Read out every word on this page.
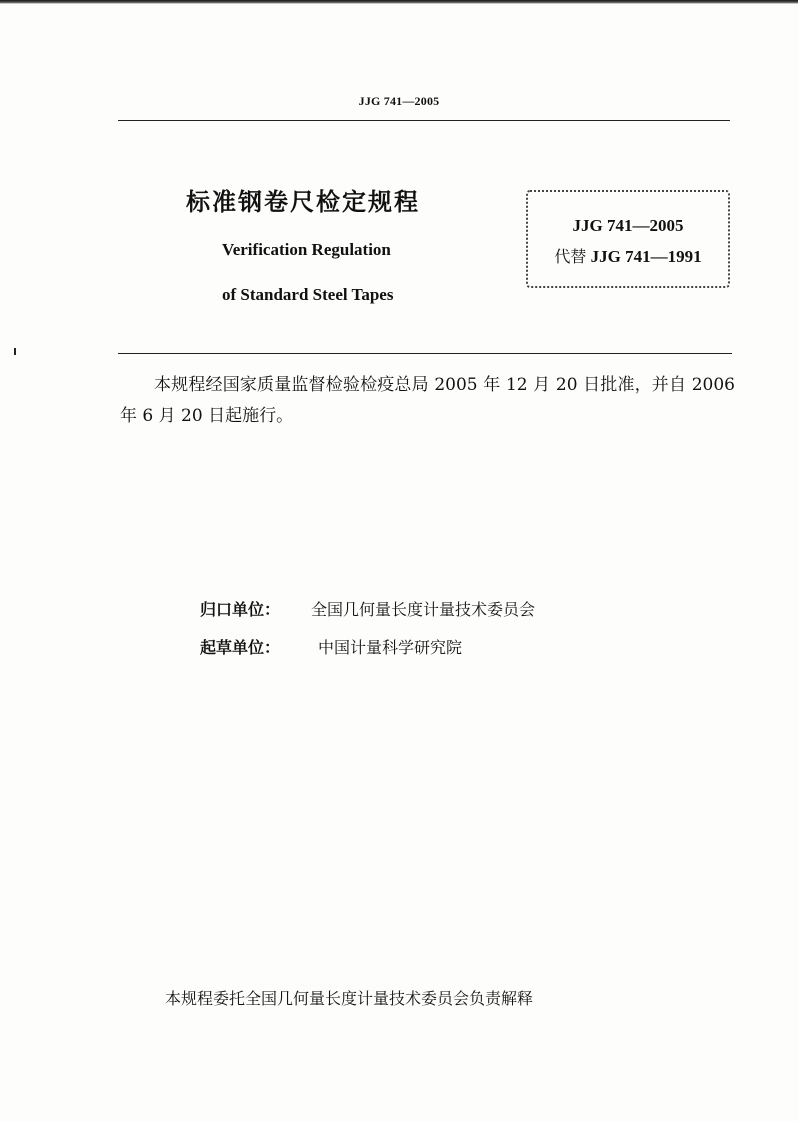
JJG 741—2005
标准钢卷尺检定规程
Verification Regulation
of Standard Steel Tapes
JJG 741—2005
代替 JJG 741—1991
本规程经国家质量监督检验检疫总局 2005 年 12 月 20 日批准，并自 2006 年 6 月 20 日起施行。
归口单位： 全国几何量长度计量技术委员会
起草单位： 中国计量科学研究院
本规程委托全国几何量长度计量技术委员会负责解释
